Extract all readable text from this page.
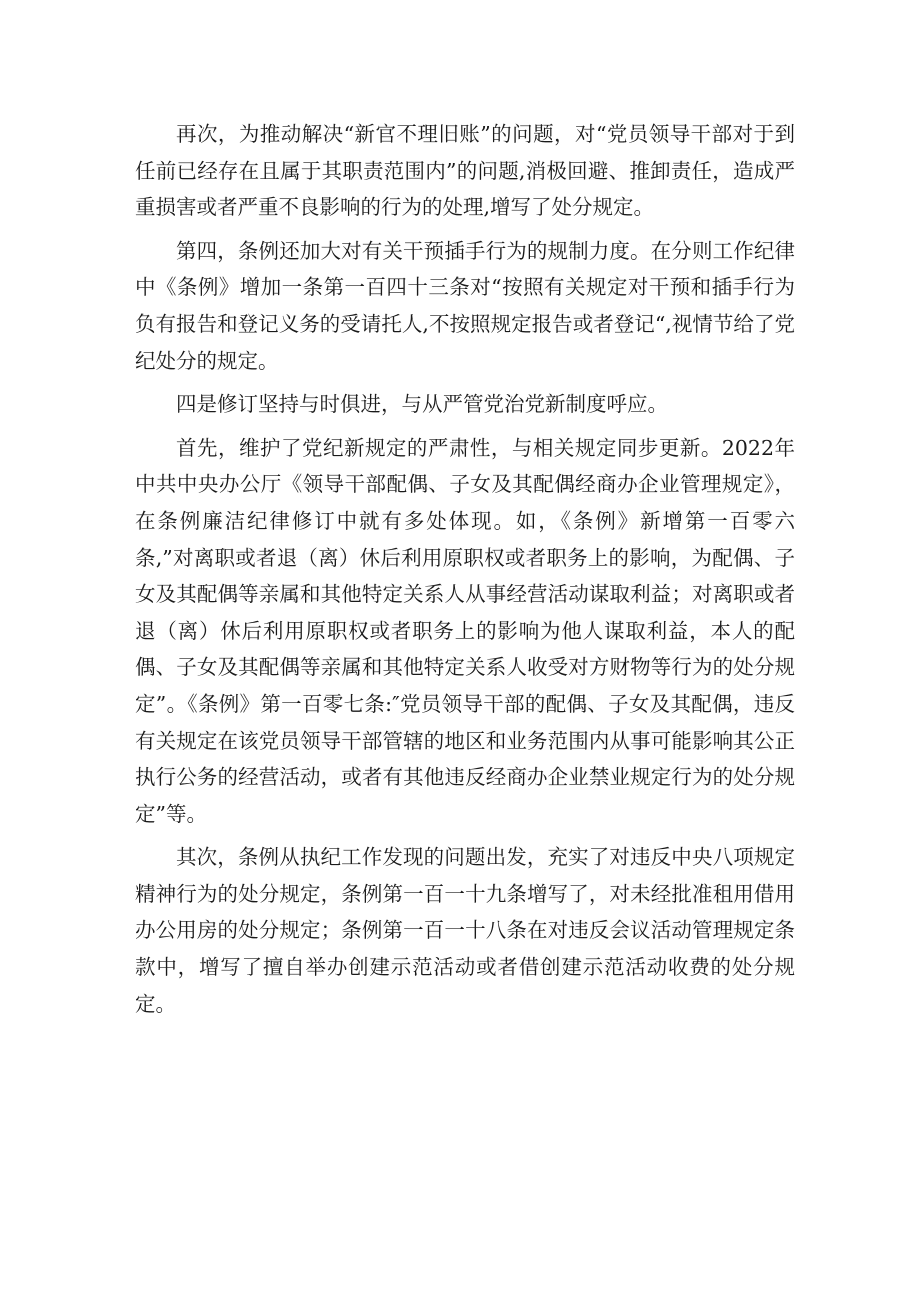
再次，为推动解决“新官不理旧账”的问题，对“党员领导干部对于到任前已经存在且属于其职责范围内”的问题,消极回避、推卸责任，造成严重损害或者严重不良影响的行为的处理,增写了处分规定。

第四，条例还加大对有关干预插手行为的规制力度。在分则工作纪律中《条例》增加一条第一百四十三条对“按照有关规定对干预和插手行为负有报告和登记义务的受请托人,不按照规定报告或者登记“,视情节给了党纪处分的规定。

四是修订坚持与时俱进，与从严管党治党新制度呼应。

首先，维护了党纪新规定的严肃性，与相关规定同步更新。2022年中共中央办公厅《领导干部配偶、子女及其配偶经商办企业管理规定》，在条例廉洁纪律修订中就有多处体现。如，《条例》新增第一百零六条,”对离职或者退（离）休后利用原职权或者职务上的影响，为配偶、子女及其配偶等亲属和其他特定关系人从事经营活动谋取利益；对离职或者退（离）休后利用原职权或者职务上的影响为他人谋取利益，本人的配偶、子女及其配偶等亲属和其他特定关系人收受对方财物等行为的处分规定”。《条例》第一百零七条:″党员领导干部的配偶、子女及其配偶，违反有关规定在该党员领导干部管辖的地区和业务范围内从事可能影响其公正执行公务的经营活动，或者有其他违反经商办企业禁业规定行为的处分规定”等。

其次，条例从执纪工作发现的问题出发，充实了对违反中央八项规定精神行为的处分规定，条例第一百一十九条增写了，对未经批准租用借用办公用房的处分规定；条例第一百一十八条在对违反会议活动管理规定条款中，增写了擅自举办创建示范活动或者借创建示范活动收费的处分规定。
